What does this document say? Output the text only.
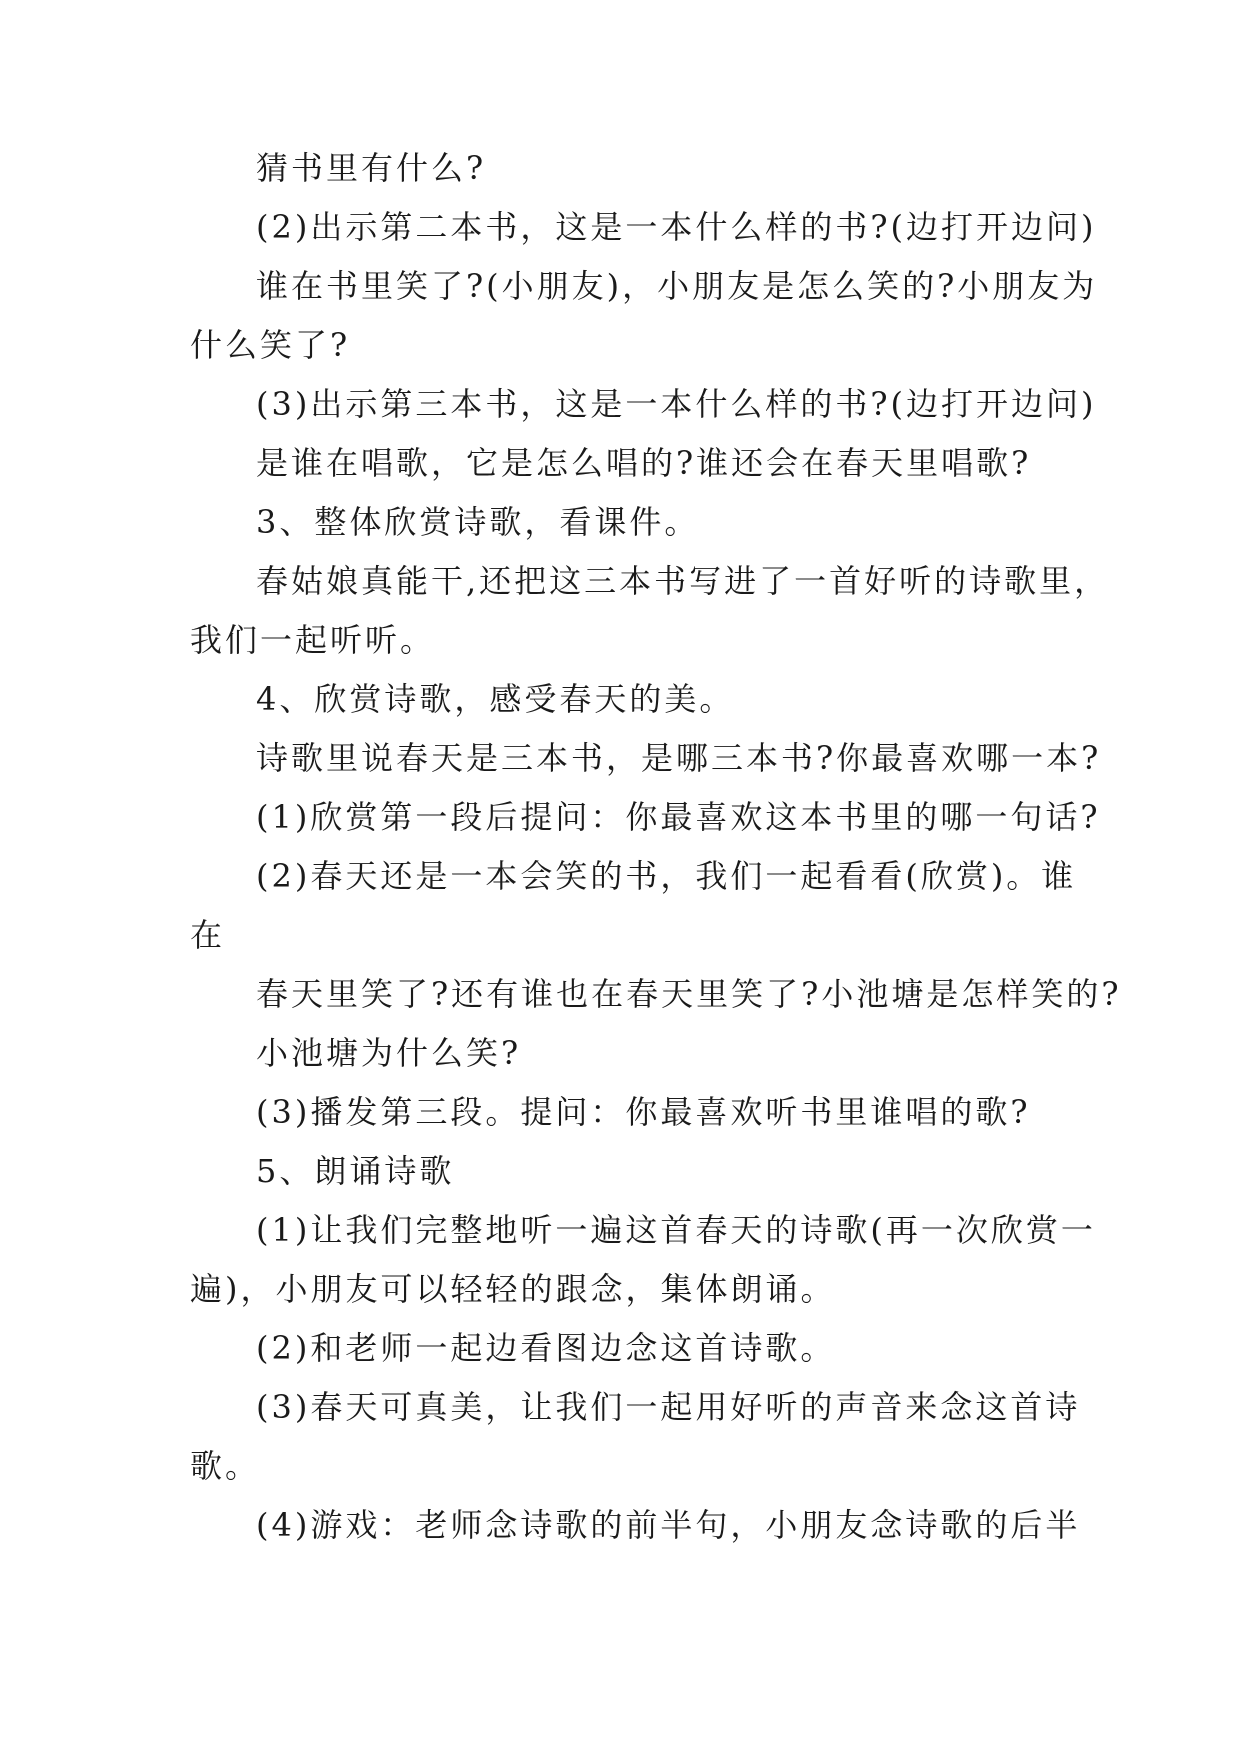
猜书里有什么?
(2)出示第二本书，这是一本什么样的书?(边打开边问)
谁在书里笑了?(小朋友)，小朋友是怎么笑的?小朋友为
什么笑了?
(3)出示第三本书，这是一本什么样的书?(边打开边问)
是谁在唱歌，它是怎么唱的?谁还会在春天里唱歌?
3、整体欣赏诗歌，看课件。
春姑娘真能干,还把这三本书写进了一首好听的诗歌里，
我们一起听听。
4、欣赏诗歌，感受春天的美。
诗歌里说春天是三本书，是哪三本书?你最喜欢哪一本?
(1)欣赏第一段后提问：你最喜欢这本书里的哪一句话?
(2)春天还是一本会笑的书，我们一起看看(欣赏)。谁
在
春天里笑了?还有谁也在春天里笑了?小池塘是怎样笑的?
小池塘为什么笑?
(3)播发第三段。提问：你最喜欢听书里谁唱的歌?
5、朗诵诗歌
(1)让我们完整地听一遍这首春天的诗歌(再一次欣赏一
遍)，小朋友可以轻轻的跟念，集体朗诵。
(2)和老师一起边看图边念这首诗歌。
(3)春天可真美，让我们一起用好听的声音来念这首诗
歌。
(4)游戏：老师念诗歌的前半句，小朋友念诗歌的后半
